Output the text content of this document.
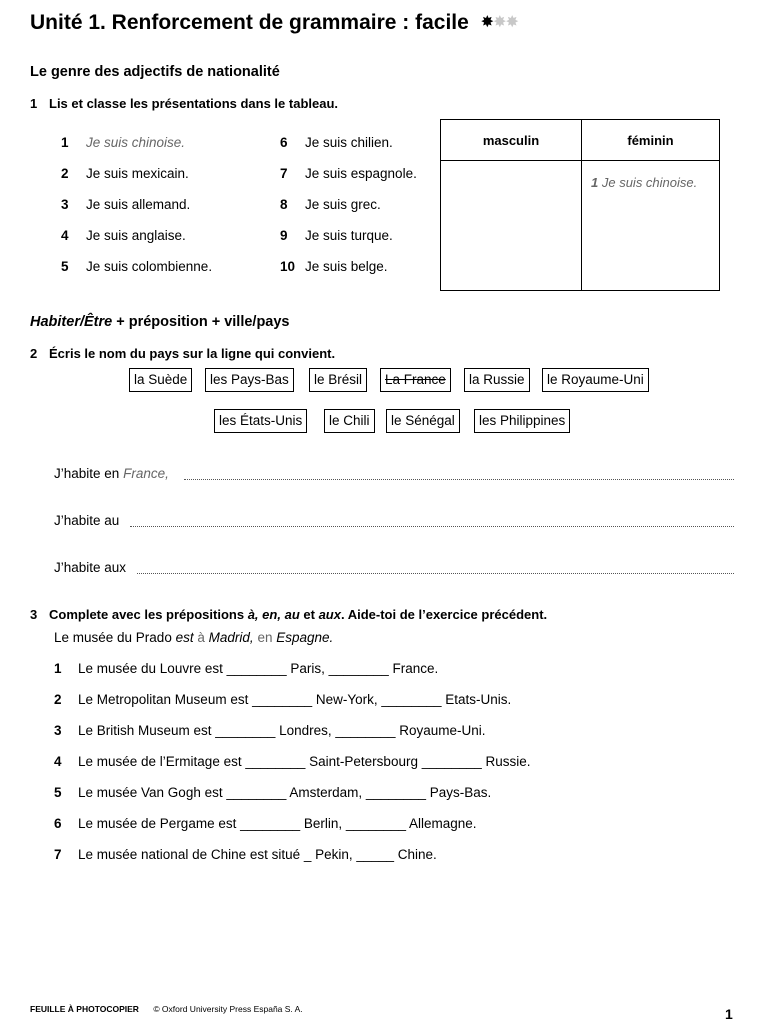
Unité 1. Renforcement de grammaire : facile ✸✸✸
Le genre des adjectifs de nationalité
1 Lis et classe les présentations dans le tableau.
1 Je suis chinoise.
2 Je suis mexicain.
3 Je suis allemand.
4 Je suis anglaise.
5 Je suis colombienne.
6 Je suis chilien.
7 Je suis espagnole.
8 Je suis grec.
9 Je suis turque.
10 Je suis belge.
masculin	féminin
	1 Je suis chinoise.
Habiter/Être + préposition + ville/pays
2 Écris le nom du pays sur la ligne qui convient.
la Suède	les Pays-Bas	le Brésil	La France	la Russie	le Royaume-Uni
les États-Unis	le Chili	le Sénégal	les Philippines
J’habite en France,
J’habite au
J’habite aux
3 Complete avec les prépositions à, en, au et aux. Aide-toi de l’exercice précédent.
Le musée du Prado est à Madrid, en Espagne.
1 Le musée du Louvre est ________ Paris, ________ France.
2 Le Metropolitan Museum est ________ New-York, ________ Etats-Unis.
3 Le British Museum est ________ Londres, ________ Royaume-Uni.
4 Le musée de l’Ermitage est ________ Saint-Petersbourg ________ Russie.
5 Le musée Van Gogh est ________ Amsterdam, ________ Pays-Bas.
6 Le musée de Pergame est ________ Berlin, ________ Allemagne.
7 Le musée national de Chine est situé _ Pekin, _____ Chine.
FEUILLE À PHOTOCOPIER © Oxford University Press España S. A.	1
